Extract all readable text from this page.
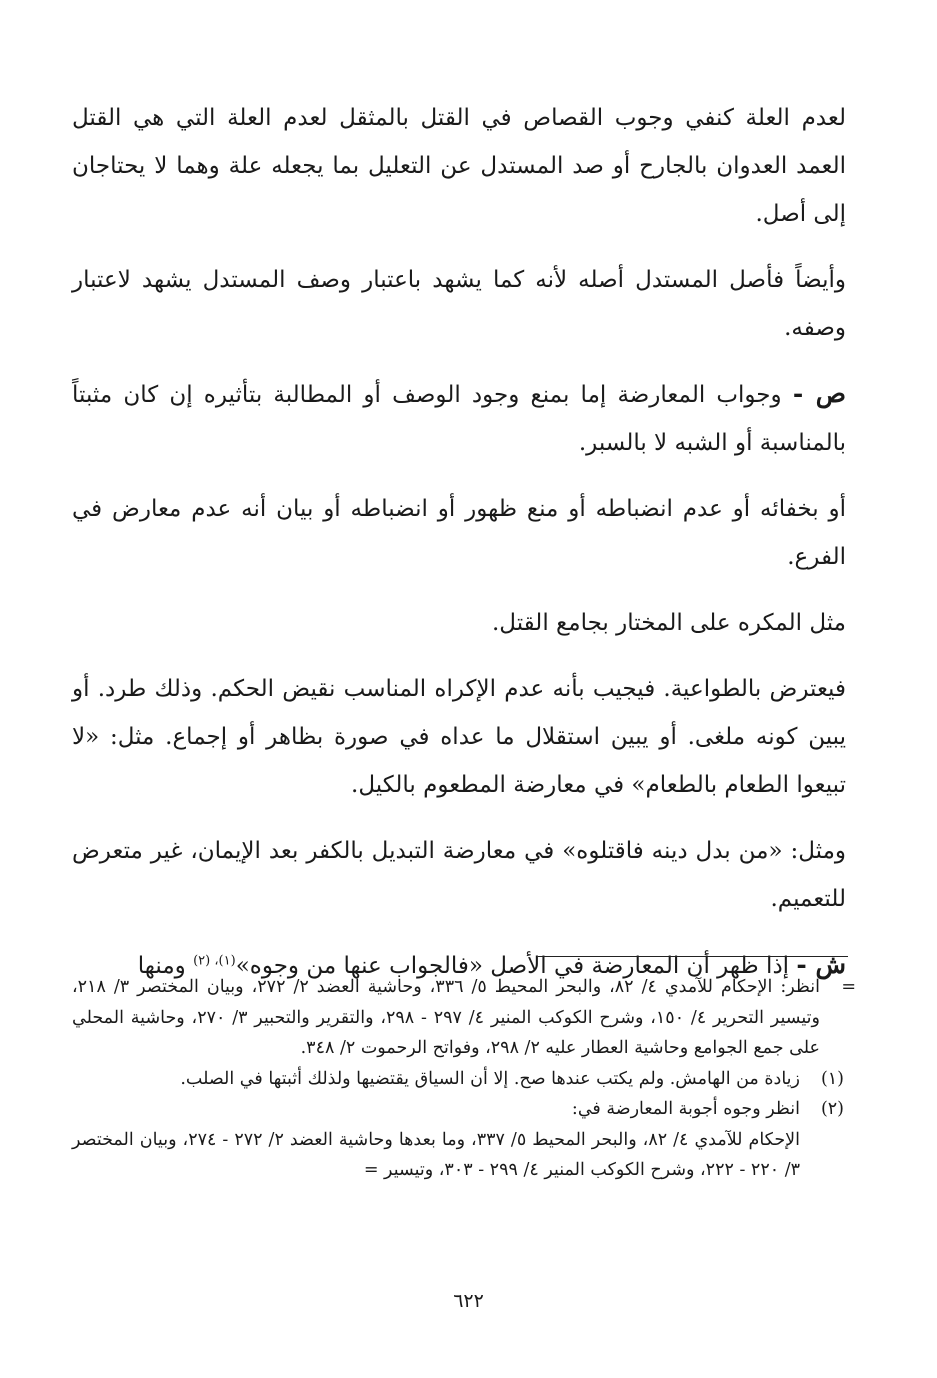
لعدم العلة كنفي وجوب القصاص في القتل بالمثقل لعدم العلة التي هي القتل العمد العدوان بالجارح أو صد المستدل عن التعليل بما يجعله علة وهما لا يحتاجان إلى أصل.

وأيضاً فأصل المستدل أصله لأنه كما يشهد باعتبار وصف المستدل يشهد لاعتبار وصفه.

ص - وجواب المعارضة إما بمنع وجود الوصف أو المطالبة بتأثيره إن كان مثبتاً بالمناسبة أو الشبه لا بالسبر.

أو بخفائه أو عدم انضباطه أو منع ظهور أو انضباطه أو بيان أنه عدم معارض في الفرع.

مثل المكره على المختار بجامع القتل.

فيعترض بالطواعية. فيجيب بأنه عدم الإكراه المناسب نقيض الحكم. وذلك طرد. أو يبين كونه ملغى. أو يبين استقلال ما عداه في صورة بظاهر أو إجماع. مثل: «لا تبيعوا الطعام بالطعام» في معارضة المطعوم بالكيل.

ومثل: «من بدل دينه فاقتلوه» في معارضة التبديل بالكفر بعد الإيمان، غير متعرض للتعميم.

ش - إذا ظهر أن المعارضة في الأصل «فالجواب عنها من وجوه»$^{(١)، (٢)}$ ومنها

=
انظر: الإحكام للآمدي ٤/ ٨٢، والبحر المحيط ٥/ ٣٣٦، وحاشية العضد ٢/ ٢٧٢، وبيان المختصر ٣/ ٢١٨، وتيسير التحرير ٤/ ١٥٠، وشرح الكوكب المنير ٤/ ٢٩٧ - ٢٩٨، والتقرير والتحبير ٣/ ٢٧٠، وحاشية المحلي على جمع الجوامع وحاشية العطار عليه ٢/ ٢٩٨، وفواتح الرحموت ٢/ ٣٤٨.
(١)
زيادة من الهامش. ولم يكتب عندها صح. إلا أن السياق يقتضيها ولذلك أثبتها في الصلب.
(٢)
انظر وجوه أجوبة المعارضة في:
الإحكام للآمدي ٤/ ٨٢، والبحر المحيط ٥/ ٣٣٧، وما بعدها وحاشية العضد ٢/ ٢٧٢ - ٢٧٤، وبيان المختصر ٣/ ٢٢٠ - ٢٢٢، وشرح الكوكب المنير ٤/ ٢٩٩ - ٣٠٣، وتيسير =
٦٢٢
